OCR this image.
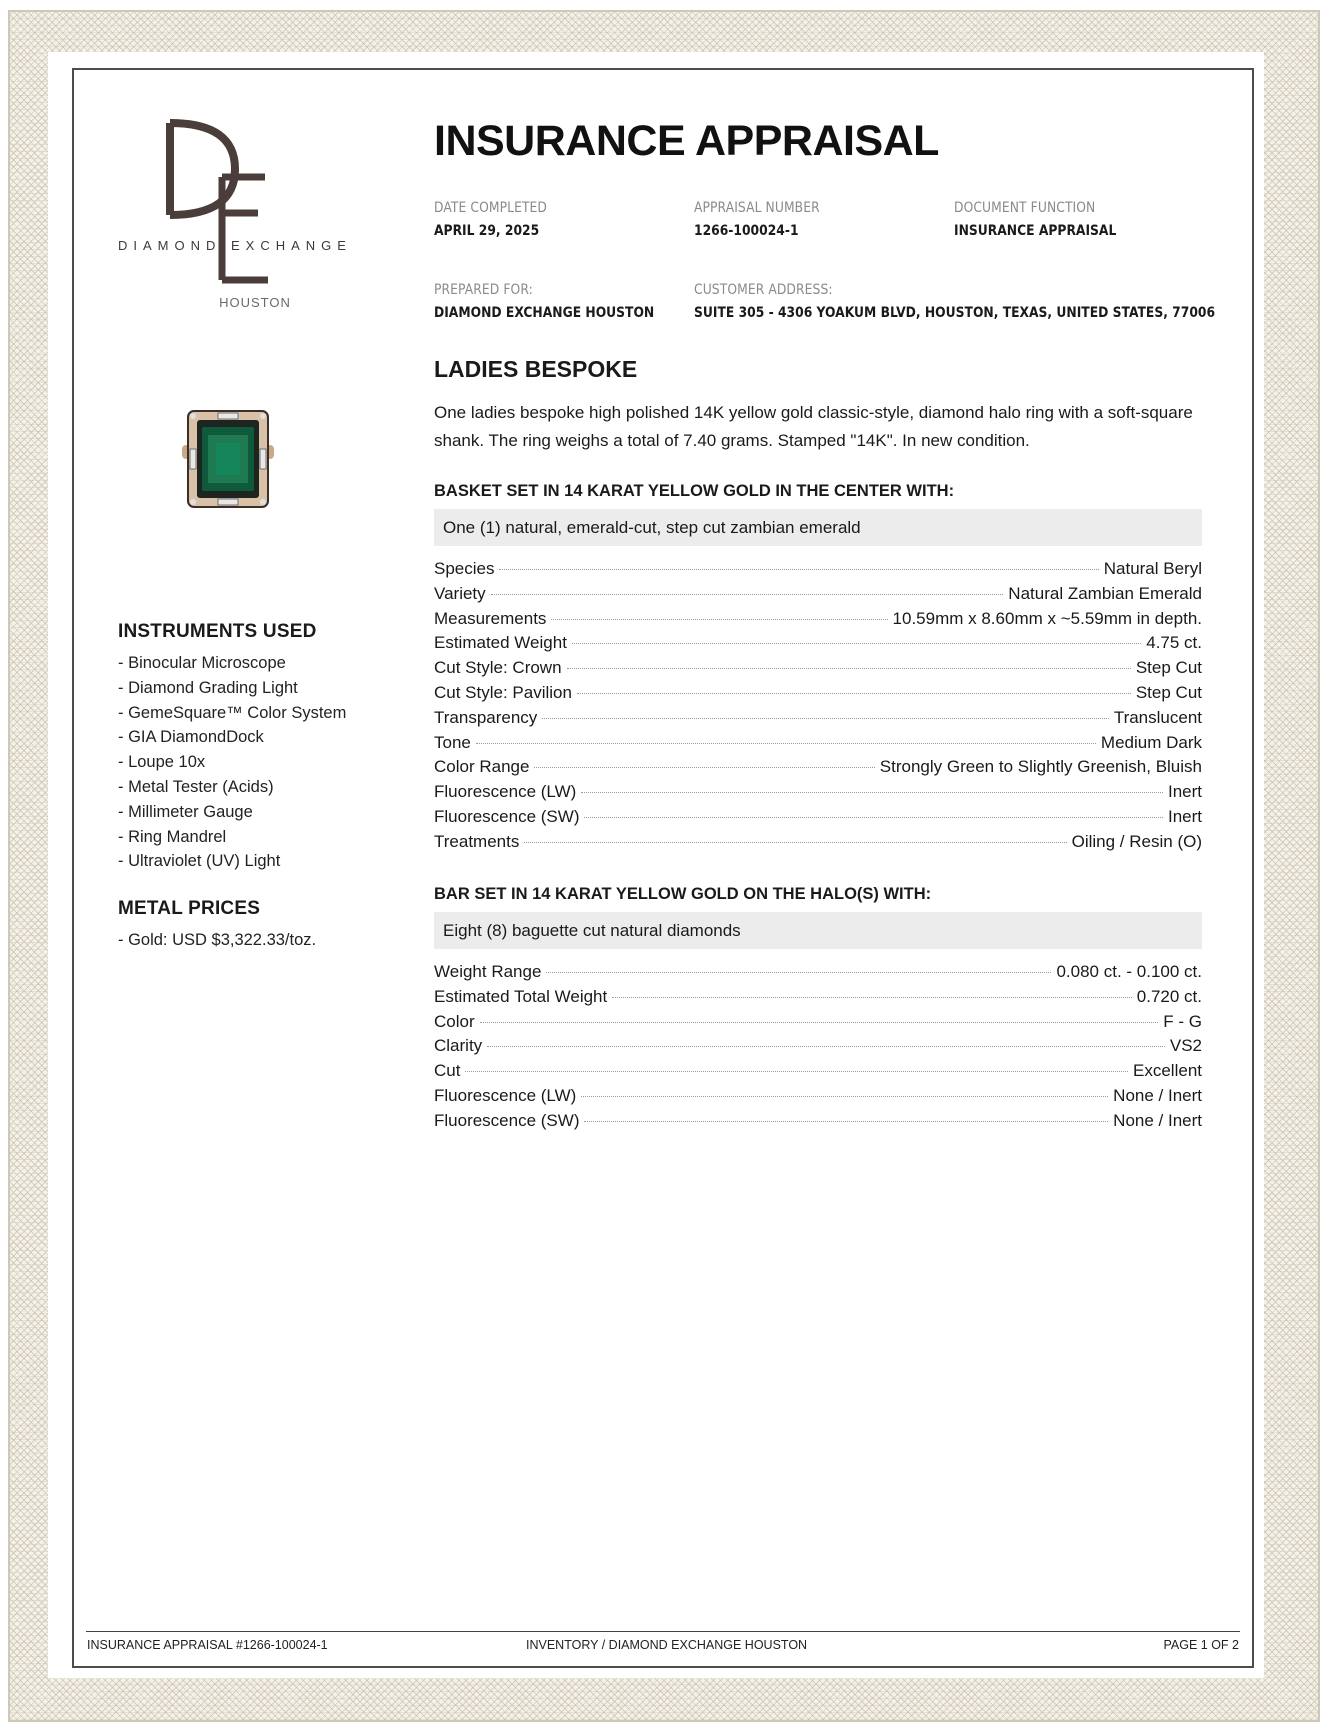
DIAMOND EXCHANGE
HOUSTON
INSTRUMENTS USED
- Binocular Microscope
- Diamond Grading Light
- GemeSquare™ Color System
- GIA DiamondDock
- Loupe 10x
- Metal Tester (Acids)
- Millimeter Gauge
- Ring Mandrel
- Ultraviolet (UV) Light
METAL PRICES
- Gold: USD $3,322.33/toz.
INSURANCE APPRAISAL
DATE COMPLETED
APRIL 29, 2025
APPRAISAL NUMBER
1266-100024-1
DOCUMENT FUNCTION
INSURANCE APPRAISAL
PREPARED FOR:
DIAMOND EXCHANGE HOUSTON
CUSTOMER ADDRESS:
SUITE 305 - 4306 YOAKUM BLVD, HOUSTON, TEXAS, UNITED STATES, 77006
LADIES BESPOKE
One ladies bespoke high polished 14K yellow gold classic-style, diamond halo ring with a soft-square shank. The ring weighs a total of 7.40 grams. Stamped "14K". In new condition.
BASKET SET IN 14 KARAT YELLOW GOLD IN THE CENTER WITH:
One (1) natural, emerald-cut, step cut zambian emerald
Species	Natural Beryl
Variety	Natural Zambian Emerald
Measurements	10.59mm x 8.60mm x ~5.59mm in depth.
Estimated Weight	4.75 ct.
Cut Style: Crown	Step Cut
Cut Style: Pavilion	Step Cut
Transparency	Translucent
Tone	Medium Dark
Color Range	Strongly Green to Slightly Greenish, Bluish
Fluorescence (LW)	Inert
Fluorescence (SW)	Inert
Treatments	Oiling / Resin (O)
BAR SET IN 14 KARAT YELLOW GOLD ON THE HALO(S) WITH:
Eight (8) baguette cut natural diamonds
Weight Range	0.080 ct. - 0.100 ct.
Estimated Total Weight	0.720 ct.
Color	F - G
Clarity	VS2
Cut	Excellent
Fluorescence (LW)	None / Inert
Fluorescence (SW)	None / Inert
INSURANCE APPRAISAL #1266-100024-1	INVENTORY / DIAMOND EXCHANGE HOUSTON	PAGE 1 OF 2
